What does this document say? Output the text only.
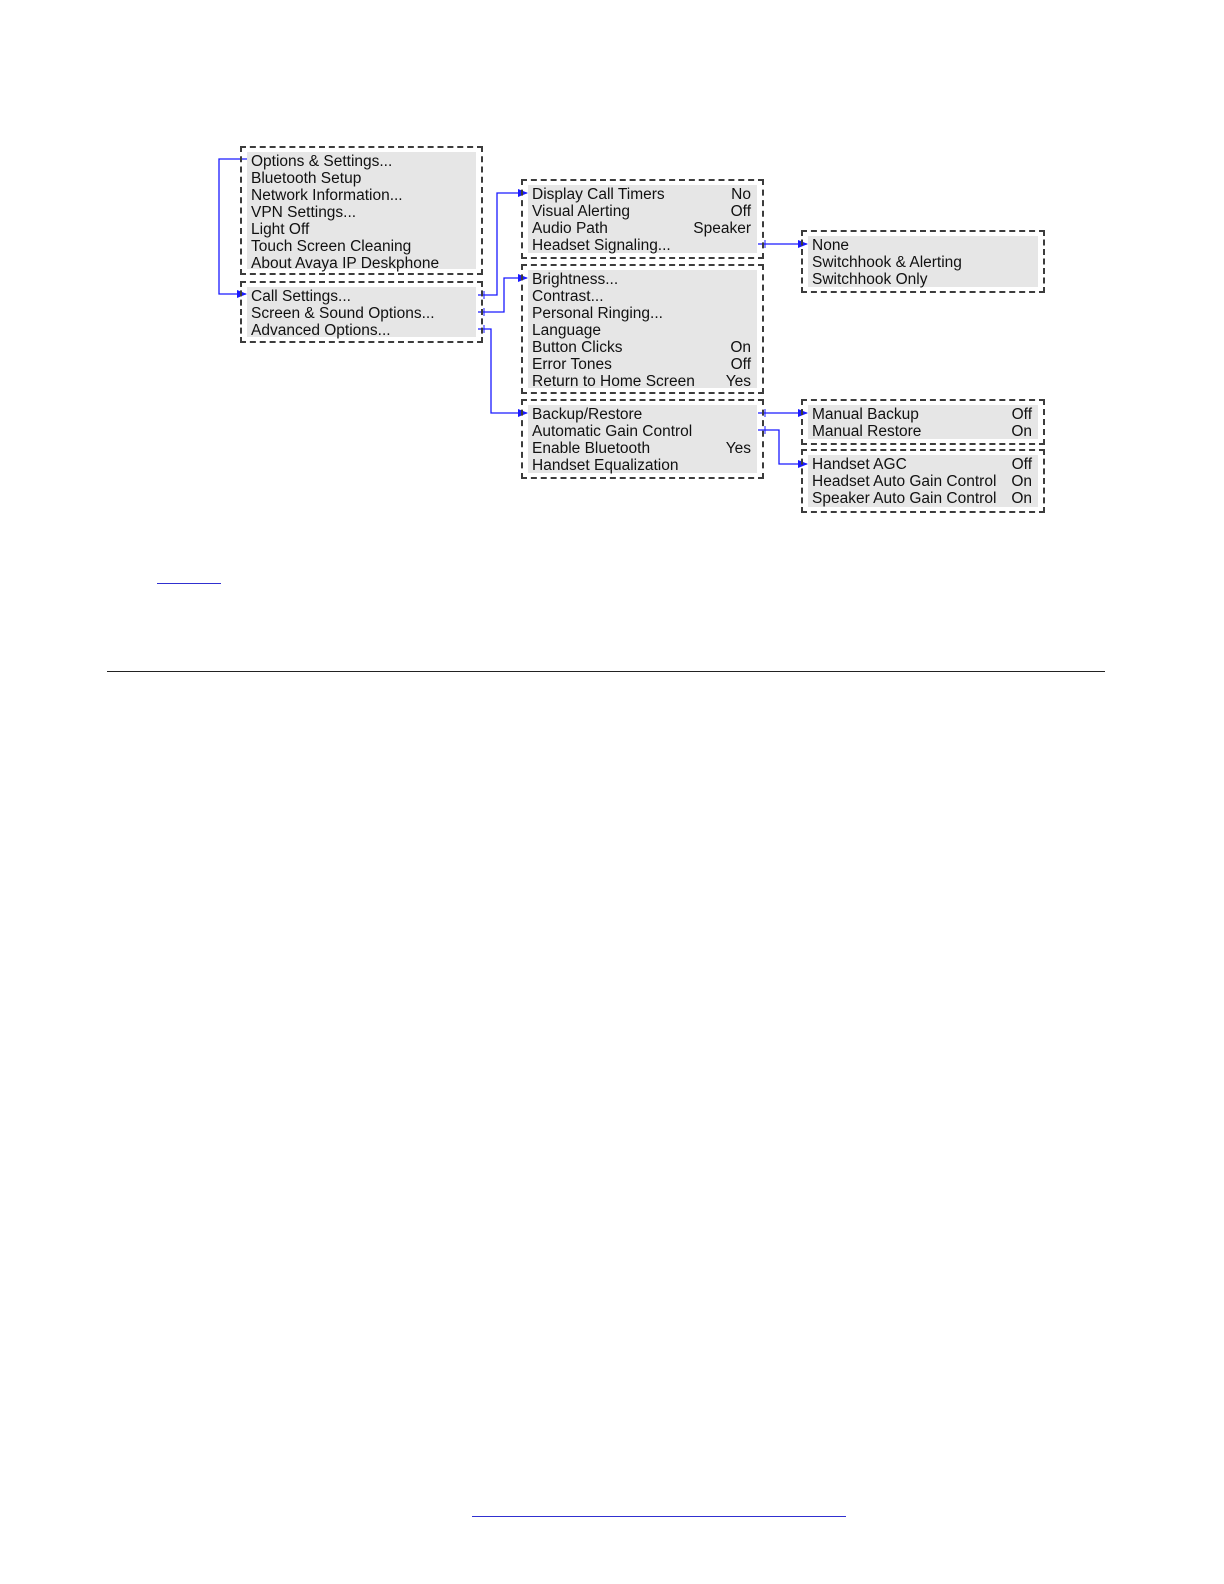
Options & Settings...
Bluetooth Setup
Network Information...
VPN Settings...
Light Off
Touch Screen Cleaning
About Avaya IP Deskphone
Call Settings...
Screen & Sound Options...
Advanced Options...
Display Call Timers	No
Visual Alerting	Off
Audio Path	Speaker
Headset Signaling...	None
Switchhook & Alerting
Switchhook Only
Brightness...
Contrast...
Personal Ringing...
Language
Button Clicks	On
Error Tones	Off
Return to Home Screen Yes
Backup/Restore
Automatic Gain Control
Enable Bluetooth	Yes
Handset Equalization
Manual Backup	Off
Manual Restore	On
Handset AGC	Off
Headset Auto Gain Control On
Speaker Auto Gain Control On
